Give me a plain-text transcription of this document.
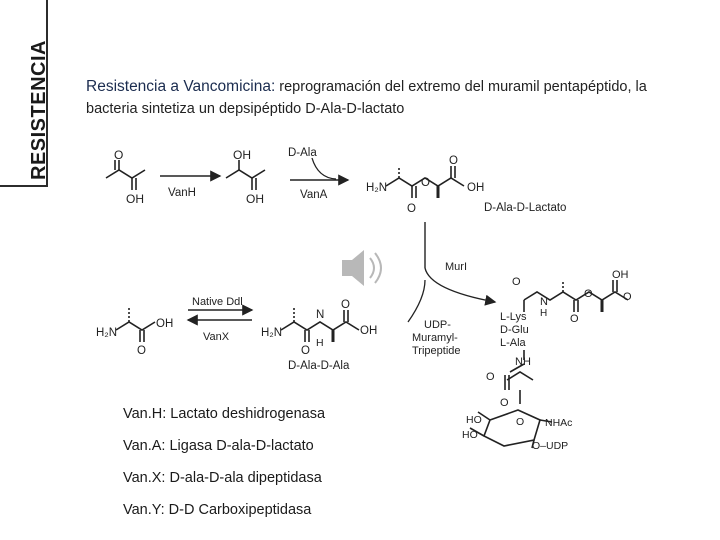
RESISTENCIA Resistencia a Vancomicina: reprogramación del extremo del muramil pentapéptido, la bacteria sintetiza un depsipéptido D-Ala-D-lactato
O
OH VanH
OH
OH
D-Ala
VanA
H₂N
O
O
O
OH
D-Ala-D-Lactato
MurI
UDP-
Muramyl-
Tripeptide
H₂N
OH
O
Native Ddl
VanX	H₂N
N
H
O
OH
O
D-Ala-D-Ala
O
N
H
O
OH
O
O
L-Lys
D-Glu
L-Ala
NH
O
O
HO
HO
O NHAc
O–UDP
Van.H: Lactato deshidrogenasa
Van.A: Ligasa D-ala-D-lactato
Van.X: D-ala-D-ala dipeptidasa
Van.Y: D-D Carboxipeptidasa
